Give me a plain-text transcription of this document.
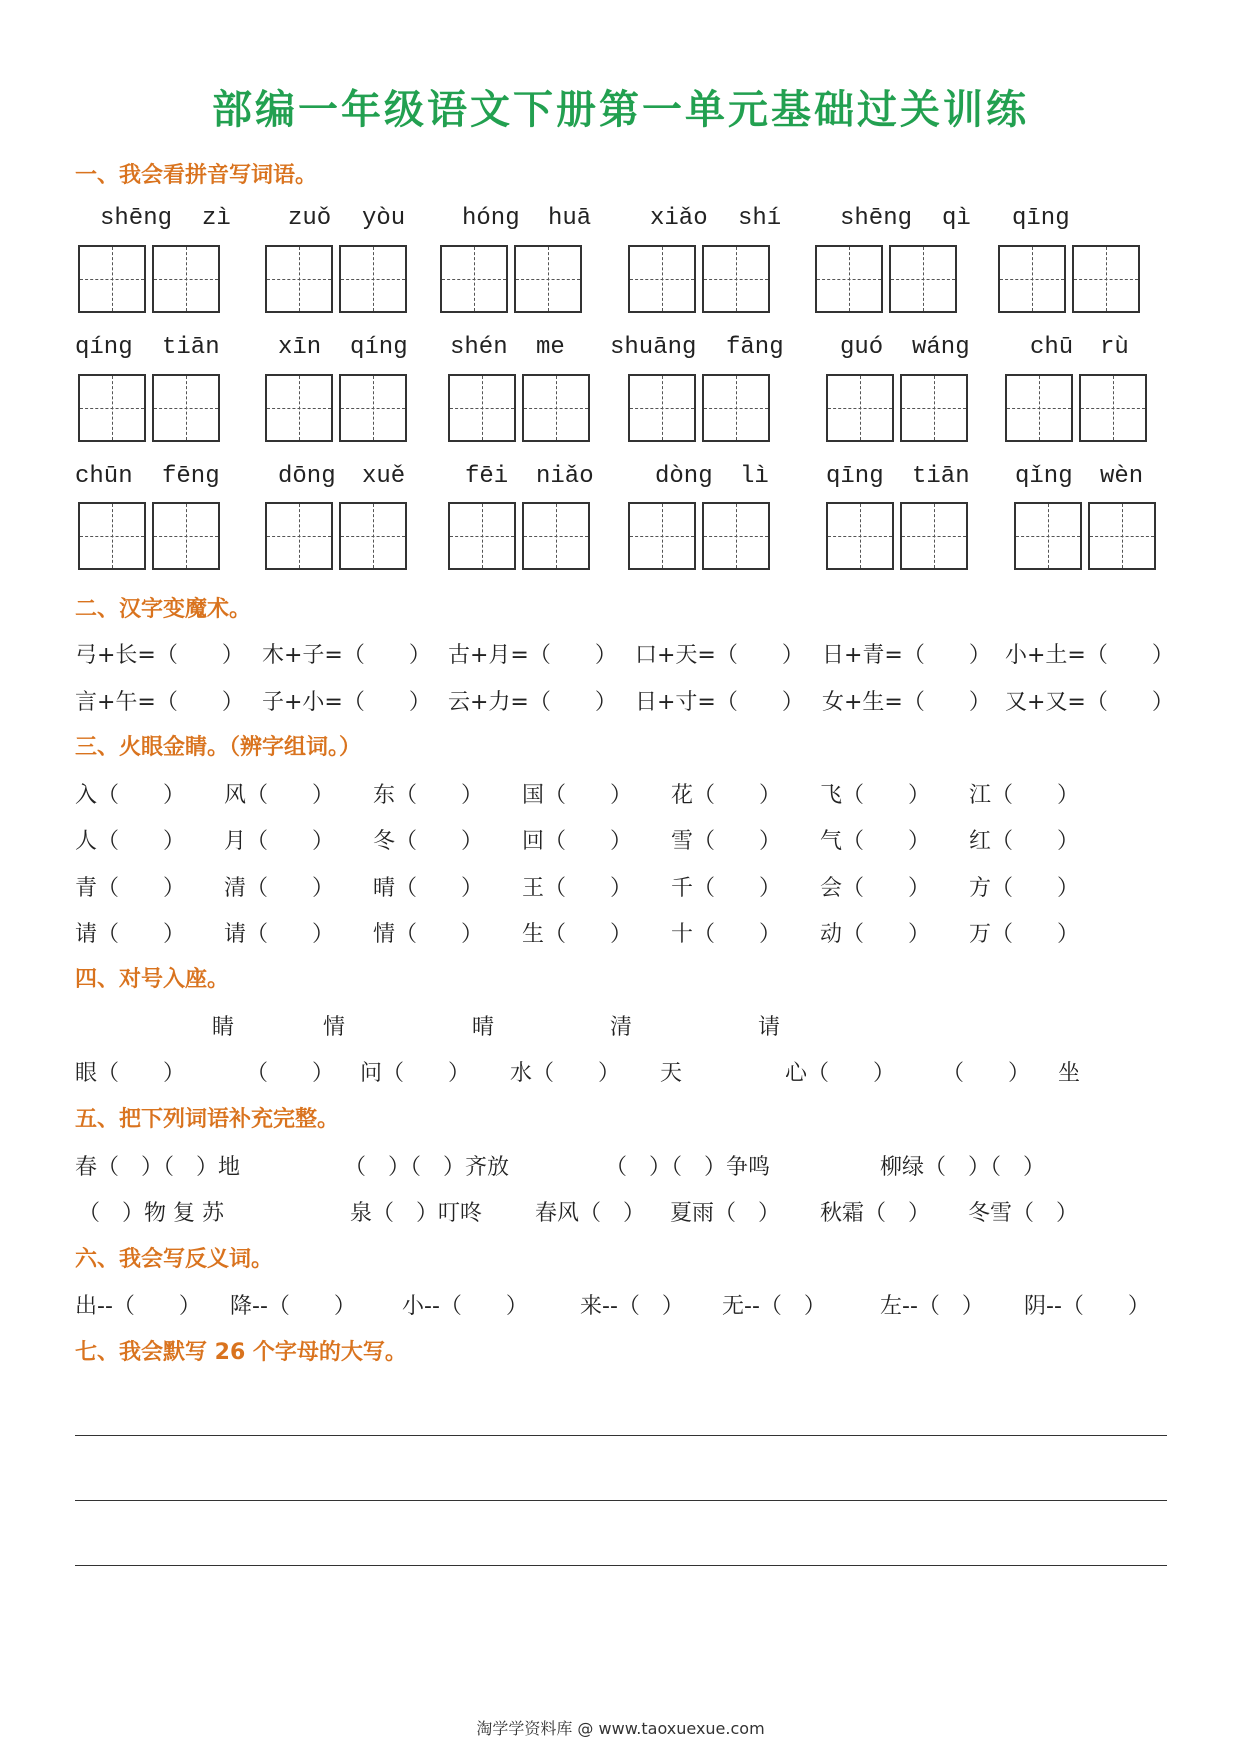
部编一年级语文下册第一单元基础过关训练
一、我会看拼音写词语。
shēng zì zuǒ yòu hóng huā xiǎo shí shēng qì qīng
qíng tiān xīn qíng shén me shuāng fāng guó wáng	chū rù
chūn fēng dōng xuě fēi niǎo	dòng lì qīng tiān qǐng wèn
二、汉字变魔术。
弓+长=（　　） 木+子=（　　） 古+月=（　　） 口+天=（　　） 日+青=（　　） 小+土=（　　）
言+午=（　　） 子+小=（　　） 云+力=（　　） 日+寸=（　　） 女+生=（　　） 又+又=（　　）
三、火眼金睛。（辨字组词。）
入（　　） 风（　　） 东（　　） 国（　　） 花（　　） 飞（　　） 江（　　）
人（　　） 月（　　） 冬（　　） 回（　　） 雪（　　） 气（　　） 红（　　）
青（　　） 清（　　） 晴（　　） 王（　　） 千（　　） 会（　　） 方（　　）
请（　　） 请（　　） 情（　　） 生（　　） 十（　　） 动（　　） 万（　　）
四、对号入座。
睛	情	晴	清	请
眼（　　）	（　　） 问（　　） 水（　　） 天	心（　　） （　　） 坐
五、把下列词语补充完整。
春（　）（　）地	（　）（　）齐放	（　）（　）争鸣	柳绿（　）（　）
（　）物 复 苏	泉（　）叮咚 春风（　） 夏雨（　） 秋霜（　） 冬雪（　）
六、我会写反义词。
出--（　　） 降--（　　） 小--（　　） 来--（　） 无--（　） 左--（　） 阴--（　　）
七、我会默写 26 个字母的大写。
淘学学资料库 @ www.taoxuexue.com
